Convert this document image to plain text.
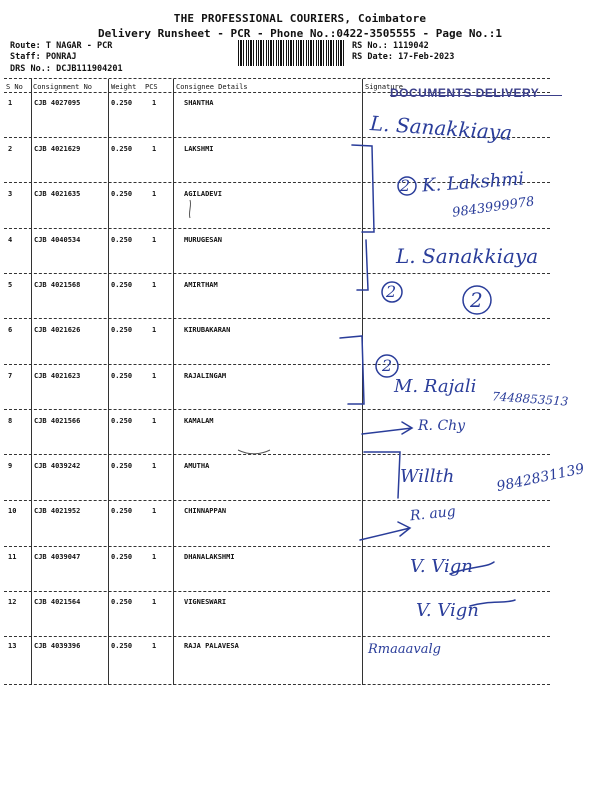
THE PROFESSIONAL COURIERS, Coimbatore
Delivery Runsheet - PCR - Phone No.:0422-3505555 - Page No.:1
Route: T NAGAR - PCR
Staff: PONRAJ
DRS No.: DCJB111904201
RS No.: 1119042
RS Date: 17-Feb-2023
S No Consignment No	Weight PCS	Consignee Details	Signature
1	CJB 4027095	0.250	1	SHANTHA
2	CJB 4021629	0.250	1	LAKSHMI
3	CJB 4021635	0.250	1	AGILADEVI
4	CJB 4040534	0.250	1	MURUGESAN
5	CJB 4021568	0.250	1	AMIRTHAM
6	CJB 4021626	0.250	1	KIRUBAKARAN
7	CJB 4021623	0.250	1	RAJALINGAM
8	CJB 4021566	0.250	1	KAMALAM
9	CJB 4039242	0.250	1	AMUTHA
10	CJB 4021952	0.250	1	CHINNAPPAN
11	CJB 4039047	0.250	1	DHANALAKSHMI
12	CJB 4021564	0.250	1	VIGNESWARI
13	CJB 4039396	0.250	1	RAJA PALAVESA
DOCUMENTS DELIVERY
L. Sanakkiaya
2 K. Lakshmi
9843999978
L. Sanakkiaya
2	2
2
M. Rajali
7448853513
R. Chy
Willth	9842831139
R. aug
V. Vign
V. Vign
Rmaaavalg
